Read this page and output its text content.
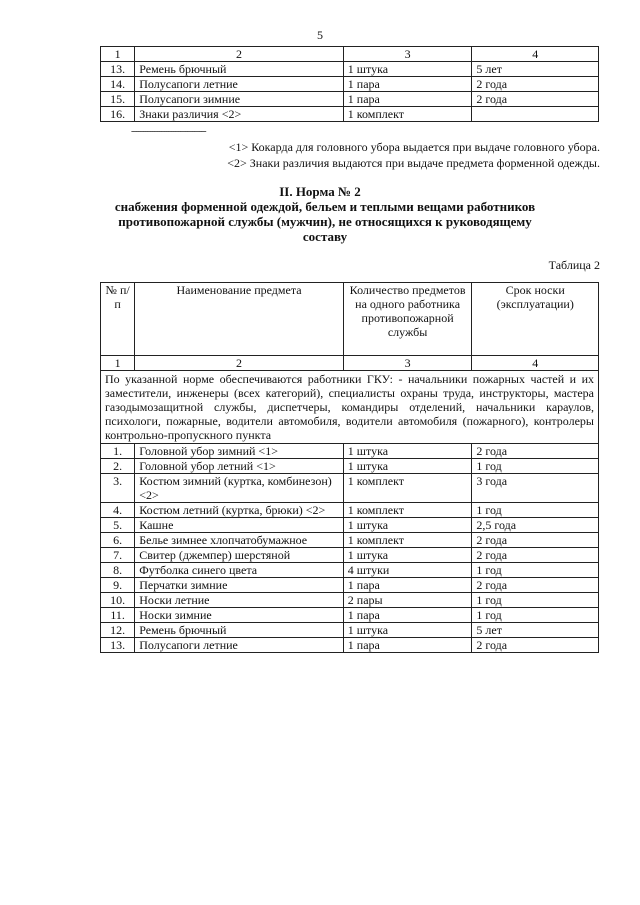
5
1	2	3	4
13.	Ремень брючный	1 штука	5 лет
14.	Полусапоги летние	1 пара	2 года
15.	Полусапоги зимние	1 пара	2 года
16.	Знаки различия <2>	1 комплект	
--------------------------------
<1> Кокарда для головного убора выдается при выдаче головного убора.
<2> Знаки различия выдаются при выдаче предмета форменной одежды.
II. Норма № 2
снабжения форменной одеждой, бельем и теплыми вещами работников противопожарной службы (мужчин), не относящихся к руководящему составу
Таблица 2
№ п/п	Наименование предмета	Количество предметов на одного работника противопожарной службы	Срок носки (эксплуатации)
1	2	3	4
По указанной норме обеспечиваются работники ГКУ: - начальники пожарных частей и их заместители, инженеры (всех категорий), специалисты охраны труда, инструкторы, мастера газодымозащитной службы, диспетчеры, командиры отделений, начальники караулов, психологи, пожарные, водители автомобиля, водители автомобиля (пожарного), контролеры контрольно-пропускного пункта			
1.	Головной убор зимний <1>	1 штука	2 года
2.	Головной убор летний <1>	1 штука	1 год
3.	Костюм зимний (куртка, комбинезон) <2>	1 комплект	3 года
4.	Костюм летний (куртка, брюки) <2>	1 комплект	1 год
5.	Кашне	1 штука	2,5 года
6.	Белье зимнее хлопчатобумажное	1 комплект	2 года
7.	Свитер (джемпер) шерстяной	1 штука	2 года
8.	Футболка синего цвета	4 штуки	1 год
9.	Перчатки зимние	1 пара	2 года
10.	Носки летние	2 пары	1 год
11.	Носки зимние	1 пара	1 год
12.	Ремень брючный	1 штука	5 лет
13.	Полусапоги летние	1 пара	2 года
